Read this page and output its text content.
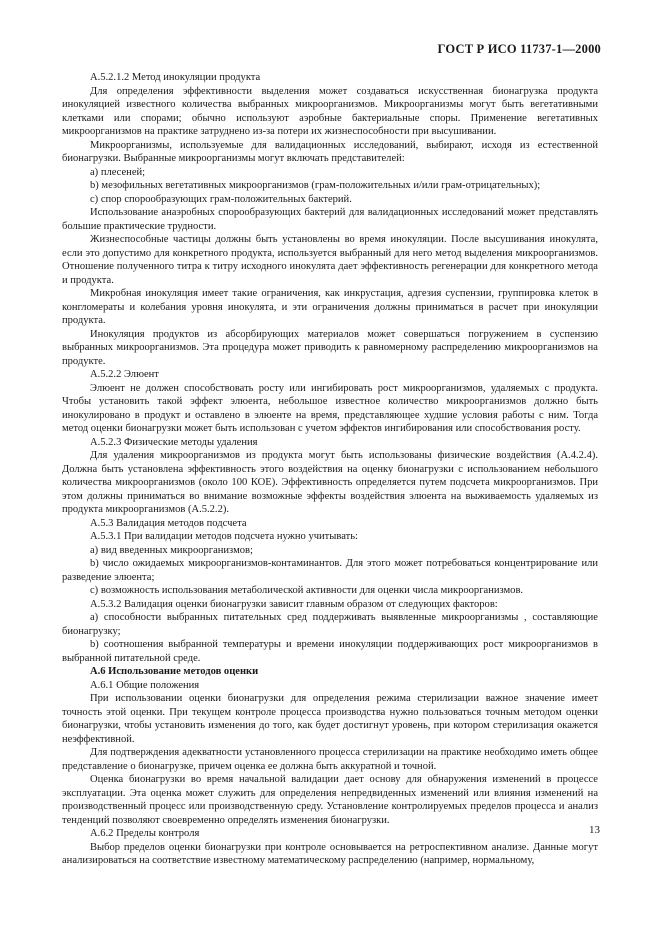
ГОСТ Р ИСО 11737-1—2000

А.5.2.1.2 Метод инокуляции продукта

Для определения эффективности выделения может создаваться искусственная бионагрузка продукта инокуляцией известного количества выбранных микроорганизмов. Микроорганизмы могут быть вегетативными клетками или спорами; обычно используют аэробные бактериальные споры. Применение вегетативных микроорганизмов на практике затруднено из-за потери их жизнеспособности при высушивании.

Микроорганизмы, используемые для валидационных исследований, выбирают, исходя из естественной бионагрузки. Выбранные микроорганизмы могут включать представителей:

а) плесеней;

b) мезофильных вегетативных микроорганизмов (грам-положительных и/или грам-отрицательных);

c) спор спорообразующих грам-положительных бактерий.

Использование анаэробных спорообразующих бактерий для валидационных исследований может представлять большие практические трудности.

Жизнеспособные частицы должны быть установлены во время инокуляции. После высушивания инокулята, если это допустимо для конкретного продукта, используется выбранный для него метод выделения микроорганизмов. Отношение полученного титра к титру исходного инокулята дает эффективность регенерации для конкретного метода и продукта.

Микробная инокуляция имеет такие ограничения, как инкрустация, адгезия суспензии, группировка клеток в конгломераты и колебания уровня инокулята, и эти ограничения должны приниматься в расчет при инокуляции продукта.

Инокуляция продуктов из абсорбирующих материалов может совершаться погружением в суспензию выбранных микроорганизмов. Эта процедура может приводить к равномерному распределению микроорганизмов на продукте.

А.5.2.2 Элюент

Элюент не должен способствовать росту или ингибировать рост микроорганизмов, удаляемых с продукта. Чтобы установить такой эффект элюента, небольшое известное количество микроорганизмов должно быть инокулировано в продукт и оставлено в элюенте на время, представляющее худшие условия работы с ним. Тогда метод оценки бионагрузки может быть использован с учетом эффектов ингибирования или способствования росту.

А.5.2.3 Физические методы удаления

Для удаления микроорганизмов из продукта могут быть использованы физические воздействия (А.4.2.4). Должна быть установлена эффективность этого воздействия на оценку бионагрузки с использованием небольшого количества микроорганизмов (около 100 КОЕ). Эффективность определяется путем подсчета микроорганизмов. При этом должны приниматься во внимание возможные эффекты воздействия элюента на выживаемость удаляемых из продукта микроорганизмов (А.5.2.2).

А.5.3 Валидация методов подсчета

А.5.3.1 При валидации методов подсчета нужно учитывать:

а) вид введенных микроорганизмов;

b) число ожидаемых микроорганизмов-контаминантов. Для этого может потребоваться концентрирование или разведение элюента;

c) возможность использования метаболической активности для оценки числа микроорганизмов.

А.5.3.2 Валидация оценки бионагрузки зависит главным образом от следующих факторов:

а) способности выбранных питательных сред поддерживать выявленные микроорганизмы , составляющие бионагрузку;

b) соотношения выбранной температуры и времени инокуляции поддерживающих рост микроорганизмов в выбранной питательной среде.

А.6 Использование методов оценки

А.6.1 Общие положения

При использовании оценки бионагрузки для определения режима стерилизации важное значение имеет точность этой оценки. При текущем контроле процесса производства нужно пользоваться точным методом оценки бионагрузки, чтобы установить изменения до того, как будет достигнут уровень, при котором стерилизация окажется неэффективной.

Для подтверждения адекватности установленного процесса стерилизации на практике необходимо иметь общее представление о бионагрузке, причем оценка ее должна быть аккуратной и точной.

Оценка бионагрузки во время начальной валидации дает основу для обнаружения изменений в процессе эксплуатации. Эта оценка может служить для определения непредвиденных изменений или влияния изменений на производственный процесс или производственную среду. Установление контролируемых пределов процесса и анализ тенденций позволяют своевременно определять изменения бионагрузки.

А.6.2 Пределы контроля

Выбор пределов оценки бионагрузки при контроле основывается на ретроспективном анализе. Данные могут анализироваться на соответствие известному математическому распределению (например, нормальному,

13
